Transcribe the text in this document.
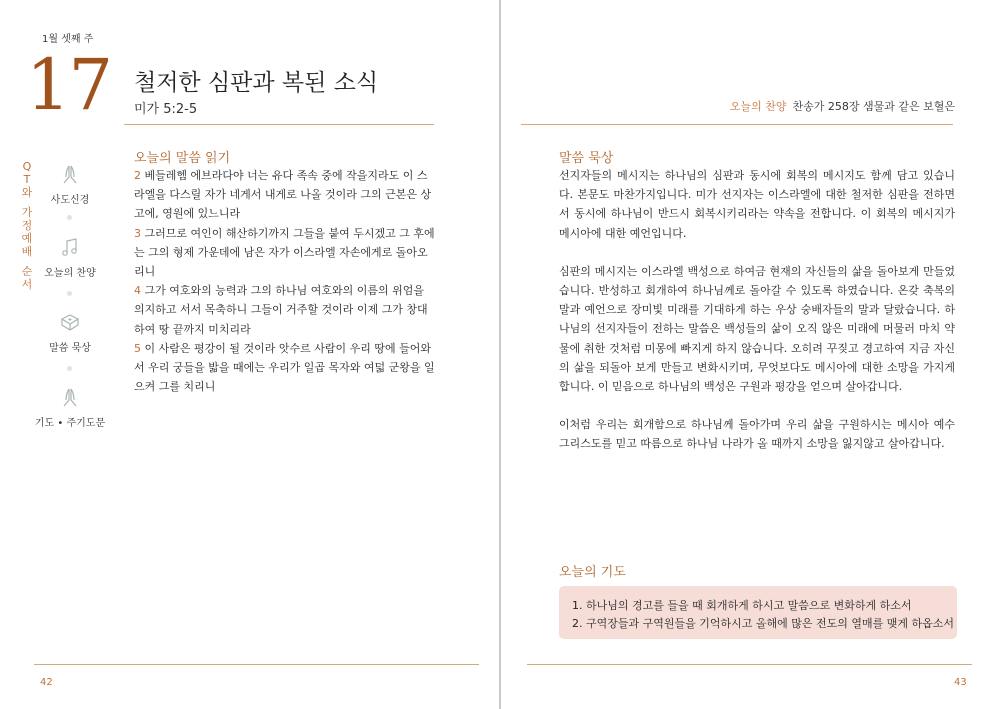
1월 셋째 주
17 철저한 심판과 복된 소식
미가 5:2-5
Q
T
와
가
정
예
배
순
서
사도신경
오늘의 찬양
말씀 묵상
기도 • 주기도문
오늘의 말씀 읽기

2 베들레헴 에브라다야 너는 유다 족속 중에 작을지라도 이 스라엘을 다스릴 자가 네게서 내게로 나올 것이라 그의 근본은 상고에, 영원에 있느니라

3 그러므로 여인이 해산하기까지 그들을 붙여 두시겠고 그 후에는 그의 형제 가운데에 남은 자가 이스라엘 자손에게로 돌아오리니

4 그가 여호와의 능력과 그의 하나님 여호와의 이름의 위엄을 의지하고 서서 목축하니 그들이 거주할 것이라 이제 그가 창대하여 땅 끝까지 미치리라

5 이 사람은 평강이 될 것이라 앗수르 사람이 우리 땅에 들어와서 우리 궁들을 밟을 때에는 우리가 일곱 목자와 여덟 군왕을 일으켜 그를 치리니

42
오늘의 찬양 찬송가 258장 샘물과 같은 보혈은
말씀 묵상

선지자들의 메시지는 하나님의 심판과 동시에 회복의 메시지도 함께 담고 있습니다. 본문도 마찬가지입니다. 미가 선지자는 이스라엘에 대한 철저한 심판을 전하면서 동시에 하나님이 반드시 회복시키리라는 약속을 전합니다. 이 회복의 메시지가 메시아에 대한 예언입니다.

심판의 메시지는 이스라엘 백성으로 하여금 현재의 자신들의 삶을 돌아보게 만들었습니다. 반성하고 회개하여 하나님께로 돌아갈 수 있도록 하였습니다. 온갖 축복의 말과 예언으로 장미빛 미래를 기대하게 하는 우상 숭배자들의 말과 달랐습니다. 하나님의 선지자들이 전하는 말씀은 백성들의 삶이 오직 않은 미래에 머물러 마치 약물에 취한 것처럼 미몽에 빠지게 하지 않습니다. 오히려 꾸짖고 경고하여 지금 자신의 삶을 되돌아 보게 만들고 변화시키며, 무엇보다도 메시아에 대한 소망을 가지게 합니다. 이 믿음으로 하나님의 백성은 구원과 평강을 얻으며 살아갑니다.

이처럼 우리는 회개함으로 하나님께 돌아가며 우리 삶을 구원하시는 메시아 예수 그리스도를 믿고 따름으로 하나님 나라가 올 때까지 소망을 잃지않고 살아갑니다.

오늘의 기도
1. 하나님의 경고를 들을 때 회개하게 하시고 말씀으로 변화하게 하소서
2. 구역장들과 구역원들을 기억하시고 올해에 많은 전도의 열매를 맺게 하옵소서
43
